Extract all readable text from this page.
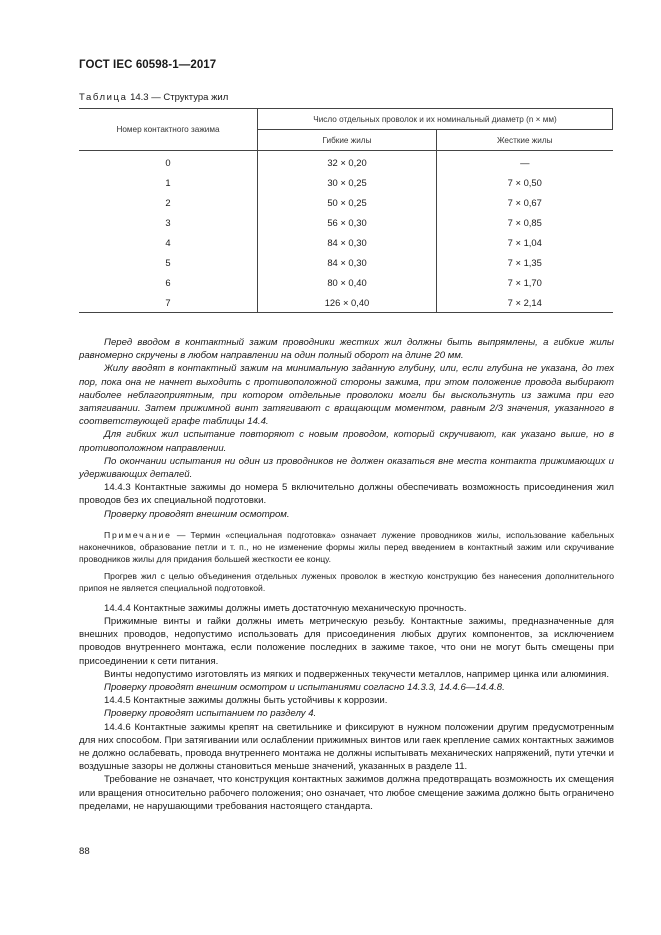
ГОСТ IEC 60598-1—2017
Таблица 14.3 — Структура жил
Номер контактного зажима	Число отдельных проволок и их номинальный диаметр (n × мм)	
	Гибкие жилы	Жесткие жилы
0	32 × 0,20	—
1	30 × 0,25	7 × 0,50
2	50 × 0,25	7 × 0,67
3	56 × 0,30	7 × 0,85
4	84 × 0,30	7 × 1,04
5	84 × 0,30	7 × 1,35
6	80 × 0,40	7 × 1,70
7	126 × 0,40	7 × 2,14

Перед вводом в контактный зажим проводники жестких жил должны быть выпрямлены, а гибкие жилы равномерно скручены в любом направлении на один полный оборот на длине 20 мм.

Жилу вводят в контактный зажим на минимальную заданную глубину, или, если глубина не указана, до тех пор, пока она не начнет выходить с противоположной стороны зажима, при этом положение провода выбирают наиболее неблагоприятным, при котором отдельные проволоки могли бы выскользнуть из зажима при его затягивании. Затем прижимной винт затягивают с вращающим моментом, равным 2/3 значения, указанного в соответствующей графе таблицы 14.4.

Для гибких жил испытание повторяют с новым проводом, который скручивают, как указано выше, но в противоположном направлении.

По окончании испытания ни один из проводников не должен оказаться вне места контакта прижимающих и удерживающих деталей.

14.4.3 Контактные зажимы до номера 5 включительно должны обеспечивать возможность присоединения жил проводов без их специальной подготовки.

Проверку проводят внешним осмотром.

Примечание — Термин «специальная подготовка» означает лужение проводников жилы, использование кабельных наконечников, образование петли и т. п., но не изменение формы жилы перед введением в контактный зажим или скручивание проводников жилы для придания большей жесткости ее концу.

Прогрев жил с целью объединения отдельных луженых проволок в жесткую конструкцию без нанесения дополнительного припоя не является специальной подготовкой.

14.4.4 Контактные зажимы должны иметь достаточную механическую прочность.

Прижимные винты и гайки должны иметь метрическую резьбу. Контактные зажимы, предназначенные для внешних проводов, недопустимо использовать для присоединения любых других компонентов, за исключением проводов внутреннего монтажа, если положение последних в зажиме такое, что они не могут быть смещены при присоединении к сети питания.

Винты недопустимо изготовлять из мягких и подверженных текучести металлов, например цинка или алюминия.

Проверку проводят внешним осмотром и испытаниями согласно 14.3.3, 14.4.6—14.4.8.

14.4.5 Контактные зажимы должны быть устойчивы к коррозии.

Проверку проводят испытанием по разделу 4.

14.4.6 Контактные зажимы крепят на светильнике и фиксируют в нужном положении другим предусмотренным для них способом. При затягивании или ослаблении прижимных винтов или гаек крепление самих контактных зажимов не должно ослабевать, провода внутреннего монтажа не должны испытывать механических напряжений, пути утечки и воздушные зазоры не должны становиться меньше значений, указанных в разделе 11.

Требование не означает, что конструкция контактных зажимов должна предотвращать возможность их смещения или вращения относительно рабочего положения; оно означает, что любое смещение зажима должно быть ограничено пределами, не нарушающими требования настоящего стандарта.

88
